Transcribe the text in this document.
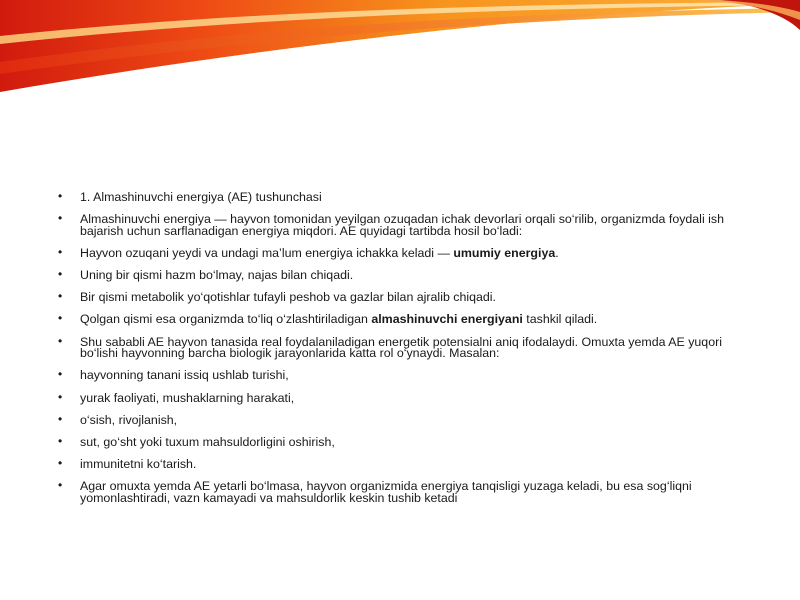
• 1. Almashinuvchi energiya (AE) tushunchasi
• Almashinuvchi energiya — hayvon tomonidan yeyilgan ozuqadan ichak devorlari orqali so‘rilib, organizmda foydali ish bajarish uchun sarflanadigan energiya miqdori. AE quyidagi tartibda hosil bo‘ladi:
• Hayvon ozuqani yeydi va undagi ma’lum energiya ichakka keladi — umumiy energiya.
• Uning bir qismi hazm bo‘lmay, najas bilan chiqadi.
• Bir qismi metabolik yo‘qotishlar tufayli peshob va gazlar bilan ajralib chiqadi.
• Qolgan qismi esa organizmda to‘liq o‘zlashtiriladigan almashinuvchi energiyani tashkil qiladi.
• Shu sababli AE hayvon tanasida real foydalaniladigan energetik potensialni aniq ifodalaydi. Omuxta yemda AE yuqori bo‘lishi hayvonning barcha biologik jarayonlarida katta rol o‘ynaydi. Masalan:
• hayvonning tanani issiq ushlab turishi,
• yurak faoliyati, mushaklarning harakati,
• o‘sish, rivojlanish,
• sut, go‘sht yoki tuxum mahsuldorligini oshirish,
• immunitetni ko‘tarish.
• Agar omuxta yemda AE yetarli bo‘lmasa, hayvon organizmida energiya tanqisligi yuzaga keladi, bu esa sog‘liqni yomonlashtiradi, vazn kamayadi va mahsuldorlik keskin tushib ketadi
